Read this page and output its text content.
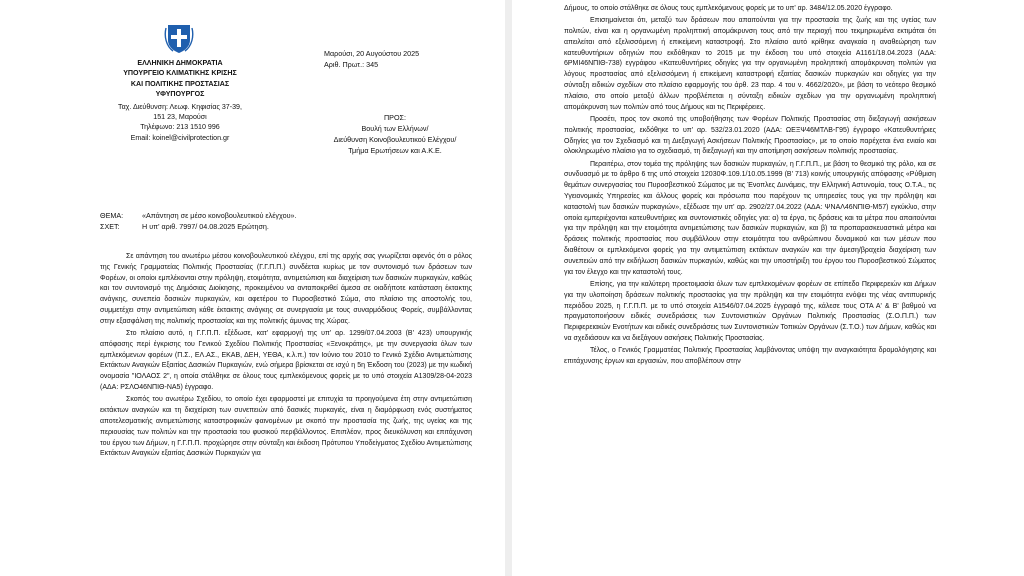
ΕΛΛΗΝΙΚΗ ΔΗΜΟΚΡΑΤΙΑ
ΥΠΟΥΡΓΕΙΟ ΚΛΙΜΑΤΙΚΗΣ ΚΡΙΣΗΣ
ΚΑΙ ΠΟΛΙΤΙΚΗΣ ΠΡΟΣΤΑΣΙΑΣ
ΥΦΥΠΟΥΡΓΟΣ
Ταχ. Διεύθυνση: Λεωφ. Κηφισίας 37-39,
151 23, Μαρούσι
Τηλέφωνο: 213 1510 996
Email: koinel@civilprotection.gr
Μαρούσι, 20 Αυγούστου 2025
Αριθ. Πρωτ.: 345
ΠΡΟΣ:
Βουλή των Ελλήνων/
Διεύθυνση Κοινοβουλευτικού Ελέγχου/
Τμήμα Ερωτήσεων και Α.Κ.Ε.
ΘΕΜΑ:	«Απάντηση σε μέσο κοινοβουλευτικού ελέγχου».
ΣΧΕΤ:	Η υπ' αριθ. 7997/ 04.08.2025 Ερώτηση.

Σε απάντηση του ανωτέρω μέσου κοινοβουλευτικού ελέγχου, επί της αρχής σας γνωρίζεται αφενός ότι ο ρόλος της Γενικής Γραμματείας Πολιτικής Προστασίας (Γ.Γ.Π.Π.) συνδέεται κυρίως με τον συντονισμό των δράσεων των Φορέων, οι οποίοι εμπλέκονται στην πρόληψη, ετοιμότητα, αντιμετώπιση και διαχείριση των δασικών πυρκαγιών, καθώς και τον συντονισμό της Δημόσιας Διοίκησης, προκειμένου να ανταποκριθεί άμεσα σε οιαδήποτε κατάσταση έκτακτης ανάγκης, συνεπεία δασικών πυρκαγιών, και αφετέρου το Πυροσβεστικό Σώμα, στο πλαίσιο της αποστολής του, συμμετέχει στην αντιμετώπιση κάθε έκτακτης ανάγκης σε συνεργασία με τους συναρμόδιους Φορείς, συμβάλλοντας στην εξασφάλιση της πολιτικής προστασίας και της πολιτικής άμυνας της Χώρας.

Στο πλαίσιο αυτό, η Γ.Γ.Π.Π. εξέδωσε, κατ' εφαρμογή της υπ' αρ. 1299/07.04.2003 (Β' 423) υπουργικής απόφασης περί έγκρισης του Γενικού Σχεδίου Πολιτικής Προστασίας «Ξενοκράτης», με την συνεργασία όλων των εμπλεκόμενων φορέων (Π.Σ., ΕΛ.ΑΣ., ΕΚΑΒ, ΔΕΗ, ΥΕΘΑ, κ.λ.π.) τον Ιούνιο του 2010 το Γενικό Σχέδιο Αντιμετώπισης Εκτάκτων Αναγκών Εξαιτίας Δασικών Πυρκαγιών, ενώ σήμερα βρίσκεται σε ισχύ η 5η Έκδοση του (2023) με την κωδική ονομασία "ΙΟΛΑΟΣ 2", η οποία στάλθηκε σε όλους τους εμπλεκόμενους φορείς με το υπό στοιχεία Α1309/28-04-2023 (ΑΔΑ: ΡΣΛΟ46ΝΠΙΘ-ΝΑ5) έγγραφο.

Σκοπός του ανωτέρω Σχεδίου, το οποίο έχει εφαρμοστεί με επιτυχία τα προηγούμενα έτη στην αντιμετώπιση εκτάκτων αναγκών και τη διαχείριση των συνεπειών από δασικές πυρκαγιές, είναι η διαμόρφωση ενός συστήματος αποτελεσματικής αντιμετώπισης καταστροφικών φαινομένων με σκοπό την προστασία της ζωής, της υγείας και της περιουσίας των πολιτών και την προστασία του φυσικού περιβάλλοντος. Επιπλέον, προς διευκόλυνση και επιτάχυνση του έργου των Δήμων, η Γ.Γ.Π.Π. προχώρησε στην σύνταξη και έκδοση Πρότυπου Υποδείγματος Σχεδίου Αντιμετώπισης Εκτάκτων Αναγκών εξαιτίας Δασικών Πυρκαγιών για

Δήμους, το οποίο στάλθηκε σε όλους τους εμπλεκόμενους φορείς με το υπ' αρ. 3484/12.05.2020 έγγραφο.

Επισημαίνεται ότι, μεταξύ των δράσεων που απαιτούνται για την προστασία της ζωής και της υγείας των πολιτών, είναι και η οργανωμένη προληπτική απομάκρυνση τους από την περιοχή που τεκμηριωμένα εκτιμάται ότι απειλείται από εξελισσόμενη ή επικείμενη καταστροφή. Στο πλαίσιο αυτό κρίθηκε αναγκαία η αναθεώρηση των κατευθυντήριων οδηγιών που εκδόθηκαν το 2015 με την έκδοση του υπό στοιχεία Α1161/18.04.2023 (ΑΔΑ: 6ΡΜΙ46ΝΠΙΘ-738) εγγράφου «Κατευθυντήριες οδηγίες για την οργανωμένη προληπτική απομάκρυνση πολιτών για λόγους προστασίας από εξελισσόμενη ή επικείμενη καταστροφή εξαιτίας δασικών πυρκαγιών και οδηγίες για την σύνταξη ειδικών σχεδίων στο πλαίσιο εφαρμογής του άρθ. 23 παρ. 4 του ν. 4662/2020», με βάση το νεότερο θεσμικό πλαίσιο, στο οποίο μεταξύ άλλων προβλέπεται η σύνταξη ειδικών σχεδίων για την οργανωμένη προληπτική απομάκρυνση των πολιτών από τους Δήμους και τις Περιφέρειες.

Προσέτι, προς τον σκοπό της υποβοήθησης των Φορέων Πολιτικής Προστασίας στη διεξαγωγή ασκήσεων πολιτικής προστασίας, εκδόθηκε το υπ' αρ. 532/23.01.2020 (ΑΔΑ: ΩΕΞΨ46ΜΤΛΒ-Γ95) έγγραφο «Κατευθυντήριες Οδηγίες για τον Σχεδιασμό και τη Διεξαγωγή Ασκήσεων Πολιτικής Προστασίας», με το οποίο παρέχεται ένα ενιαίο και ολοκληρωμένο πλαίσιο για το σχεδιασμό, τη διεξαγωγή και την αποτίμηση ασκήσεων πολιτικής προστασίας.

Περαιτέρω, στον τομέα της πρόληψης των δασικών πυρκαγιών, η Γ.Γ.Π.Π., με βάση το θεσμικό της ρόλο, και σε συνδυασμό με το άρθρο 6 της υπό στοιχεία 12030Φ.109.1/10.05.1999 (Β' 713) κοινής υπουργικής απόφασης «Ρύθμιση θεμάτων συνεργασίας του Πυροσβεστικού Σώματος με τις Ένοπλες Δυνάμεις, την Ελληνική Αστυνομία, τους Ο.Τ.Α., τις Υγειονομικές Υπηρεσίες και άλλους φορείς και πρόσωπα που παρέχουν τις υπηρεσίες τους για την πρόληψη και καταστολή των δασικών πυρκαγιών», εξέδωσε την υπ' αρ. 2902/27.04.2022 (ΑΔΑ: ΨΝΑΛ46ΝΠΙΘ-Μ57) εγκύκλιο, στην οποία εμπεριέχονται κατευθυντήριες και συντονιστικές οδηγίες για: α) τα έργα, τις δράσεις και τα μέτρα που απαιτούνται για την πρόληψη και την ετοιμότητα αντιμετώπισης των δασικών πυρκαγιών, και β) τα προπαρασκευαστικά μέτρα και δράσεις πολιτικής προστασίας που συμβάλλουν στην ετοιμότητα του ανθρώπινου δυναμικού και των μέσων που διαθέτουν οι εμπλεκόμενοι φορείς για την αντιμετώπιση εκτάκτων αναγκών και την άμεση/βραχεία διαχείριση των συνεπειών από την εκδήλωση δασικών πυρκαγιών, καθώς και την υποστήριξη του έργου του Πυροσβεστικού Σώματος για τον έλεγχο και την καταστολή τους.

Επίσης, για την καλύτερη προετοιμασία όλων των εμπλεκομένων φορέων σε επίπεδο Περιφερειών και Δήμων για την υλοποίηση δράσεων πολιτικής προστασίας για την πρόληψη και την ετοιμότητα ενόψει της νέας αντιπυρικής περιόδου 2025, η Γ.Γ.Π.Π. με το υπό στοιχεία Α1546/07.04.2025 έγγραφό της, κάλεσε τους ΟΤΑ Α' & Β' βαθμού να πραγματοποιήσουν ειδικές συνεδριάσεις των Συντονιστικών Οργάνων Πολιτικής Προστασίας (Σ.Ο.Π.Π.) των Περιφερειακών Ενοτήτων και ειδικές συνεδριάσεις των Συντονιστικών Τοπικών Οργάνων (Σ.Τ.Ο.) των Δήμων, καθώς και να σχεδιάσουν και να διεξάγουν ασκήσεις Πολιτικής Προστασίας.

Τέλος, ο Γενικός Γραμματέας Πολιτικής Προστασίας λαμβάνοντας υπόψη την αναγκαιότητα δρομολόγησης και επιτάχυνσης έργων και εργασιών, που αποβλέπουν στην
